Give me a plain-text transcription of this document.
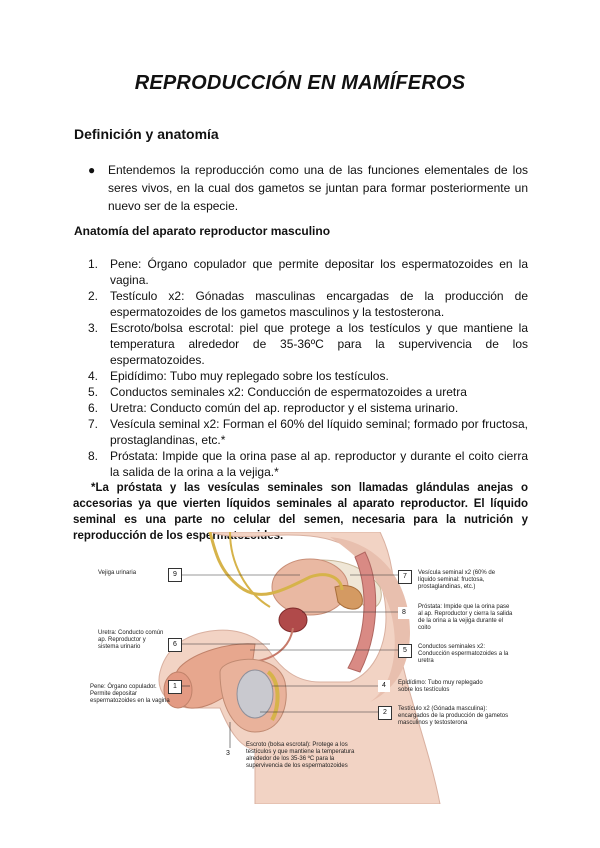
REPRODUCCIÓN EN MAMÍFEROS
Definición y anatomía
● Entendemos la reproducción como una de las funciones elementales de los seres vivos, en la cual dos gametos se juntan para formar posteriormente un nuevo ser de la especie.
Anatomía del aparato reproductor masculino
1. Pene: Órgano copulador que permite depositar los espermatozoides en la vagina.
2. Testículo x2: Gónadas masculinas encargadas de la producción de espermatozoides de los gametos masculinos y la testosterona.
3. Escroto/bolsa escrotal: piel que protege a los testículos y que mantiene la temperatura alrededor de 35-36ºC para la supervivencia de los espermatozoides.
4. Epidídimo: Tubo muy replegado sobre los testículos.
5. Conductos seminales x2: Conducción de espermatozoides a uretra
6. Uretra: Conducto común del ap. reproductor y el sistema urinario.
7. Vesícula seminal x2: Forman el 60% del líquido seminal; formado por fructosa, prostaglandinas, etc.*
8. Próstata: Impide que la orina pase al ap. reproductor y durante el coito cierra la salida de la orina a la vejiga.*
*La próstata y las vesículas seminales son llamadas glándulas anejas o accesorias ya que vierten líquidos seminales al aparato reproductor. El líquido seminal es una parte no celular del semen, necesaria para la nutrición y reproducción de los espermatozoides.
Vejiga urinaria	9
Uretra: Conducto común ap. Reproductor y sistema urinario	6
Pene: Órgano copulador. Permite depositar espermatozoides en la vagina
1
3
Escroto (bolsa escrotal): Protege a los testículos y que mantiene la temperatura alrededor de los 35-36 ºC para la supervivencia de los espermatozoides
7	Vesícula seminal x2 (60% de líquido seminal: fructosa, prostaglandinas, etc.)
8
Próstata: Impide que la orina pase al ap. Reproductor y cierra la salida de la orina a la vejiga durante el coito
5	Conductos seminales x2: Conducción espermatozoides a la uretra
4	Epidídimo: Tubo muy replegado sobre los testículos
2	Testículo x2 (Gónada masculina): encargados de la producción de gametos masculinos y testosterona
